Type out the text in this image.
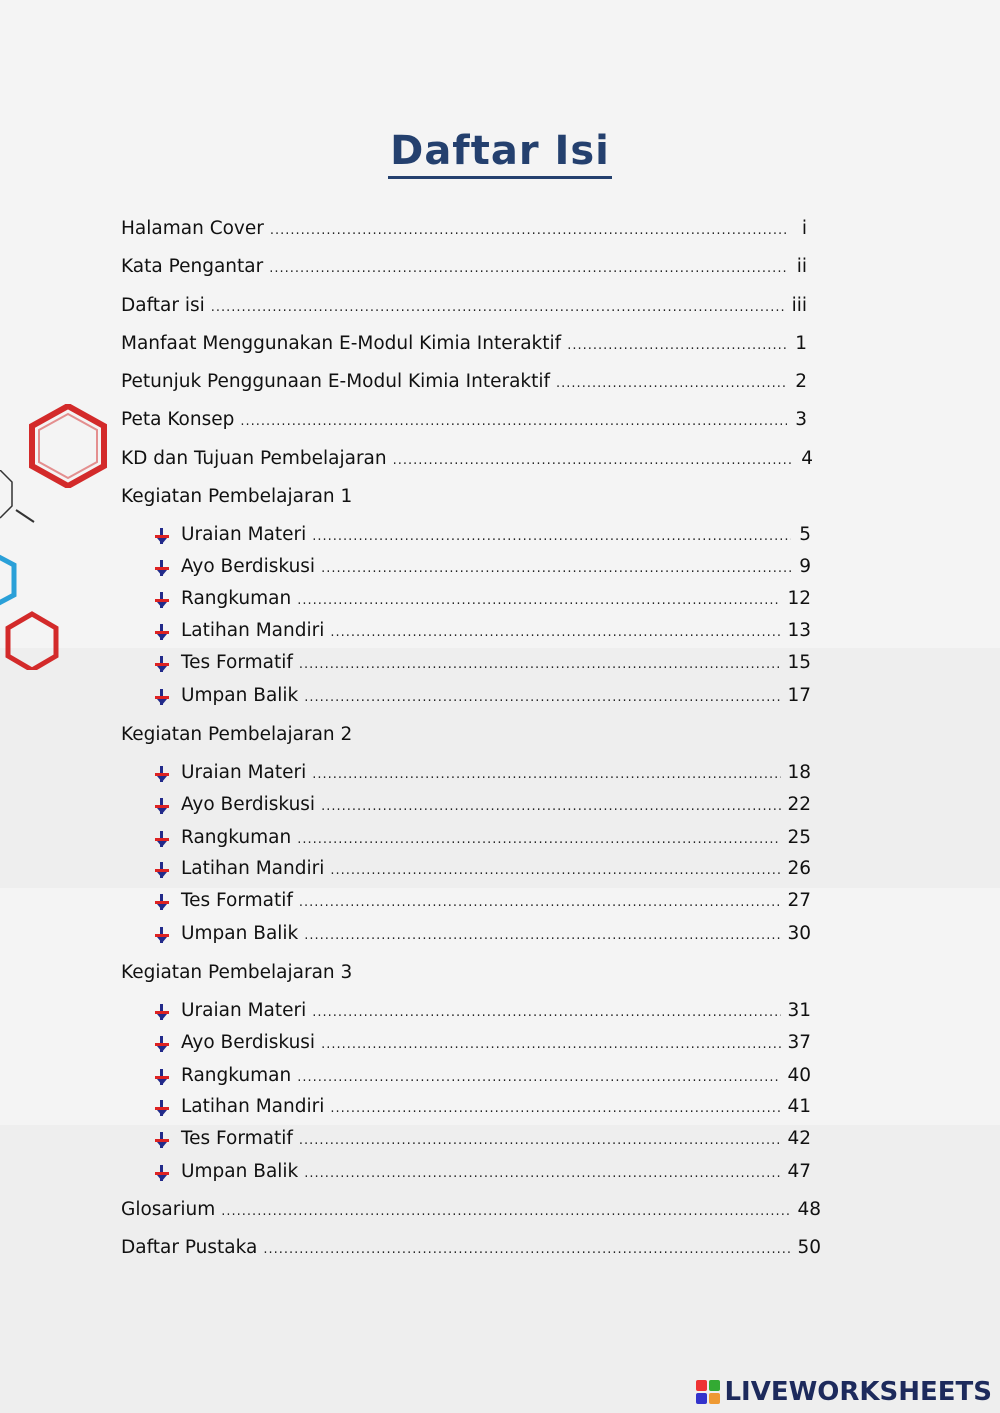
Daftar Isi
Halaman Cover .....	i
Kata Pengantar .....	ii
Daftar isi .....	iii
Manfaat Menggunakan E-Modul Kimia Interaktif .....	1
Petunjuk Penggunaan E-Modul Kimia Interaktif .....	2
Peta Konsep .....	3
KD dan Tujuan Pembelajaran .....	4
Kegiatan Pembelajaran 1
Uraian Materi .....	5
Ayo Berdiskusi .....	9
Rangkuman .....	12
Latihan Mandiri .....	13
Tes Formatif .....	15
Umpan Balik .....	17
Kegiatan Pembelajaran 2
Uraian Materi .....	18
Ayo Berdiskusi .....	22
Rangkuman .....	25
Latihan Mandiri .....	26
Tes Formatif .....	27
Umpan Balik .....	30
Kegiatan Pembelajaran 3
Uraian Materi .....	31
Ayo Berdiskusi .....	37
Rangkuman .....	40
Latihan Mandiri .....	41
Tes Formatif .....	42
Umpan Balik .....	47
Glosarium .....	48
Daftar Pustaka .....	50
LIVEWORKSHEETS
